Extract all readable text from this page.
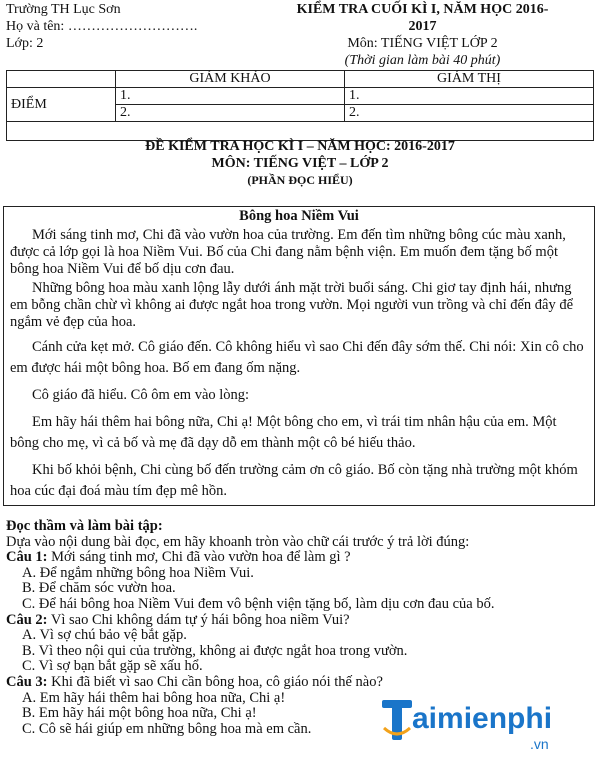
Trường TH Lục Sơn
Họ và tên: ……………………….
Lớp: 2
KIỂM TRA CUỐI KÌ I, NĂM HỌC 2016-
2017
Môn: TIẾNG VIỆT LỚP 2
(Thời gian làm bài 40 phút)
	GIÁM KHẢO	GIÁM THỊ
ĐIỂM	1.	1.
	2.	2.

ĐỀ KIỂM TRA HỌC KÌ I – NĂM HỌC: 2016-2017
MÔN: TIẾNG VIỆT – LỚP 2
(PHẦN ĐỌC HIỂU)
Bông hoa Niềm Vui
Mới sáng tinh mơ, Chi đã vào vườn hoa của trường. Em đến tìm những bông cúc màu xanh, được cả lớp gọi là hoa Niềm Vui. Bố của Chi đang nằm bệnh viện. Em muốn đem tặng bố một bông hoa Niềm Vui để bố dịu cơn đau.
Những bông hoa màu xanh lộng lẫy dưới ánh mặt trời buổi sáng. Chi giơ tay định hái, nhưng em bỗng chần chừ vì không ai được ngắt hoa trong vườn. Mọi người vun trồng và chỉ đến đây để ngắm vẻ đẹp của hoa.
Cánh cửa kẹt mở. Cô giáo đến. Cô không hiểu vì sao Chi đến đây sớm thế. Chi nói: Xin cô cho em được hái một bông hoa. Bố em đang ốm nặng.
Cô giáo đã hiểu. Cô ôm em vào lòng:
Em hãy hái thêm hai bông nữa, Chi ạ! Một bông cho em, vì trái tim nhân hậu của em. Một bông cho mẹ, vì cả bố và mẹ đã dạy dỗ em thành một cô bé hiếu thảo.
Khi bố khỏi bệnh, Chi cùng bố đến trường cảm ơn cô giáo. Bố còn tặng nhà trường một khóm hoa cúc đại đoá màu tím đẹp mê hồn.
Đọc thầm và làm bài tập:
Dựa vào nội dung bài đọc, em hãy khoanh tròn vào chữ cái trước ý trả lời đúng:
Câu 1: Mới sáng tinh mơ, Chi đã vào vườn hoa để làm gì ?
A. Để ngắm những bông hoa Niềm Vui.
B. Để chăm sóc vườn hoa.
C. Để hái bông hoa Niềm Vui đem vô bệnh viện tặng bố, làm dịu cơn đau của bố.
Câu 2: Vì sao Chi không dám tự ý hái bông hoa niềm Vui?
A. Vì sợ chú bảo vệ bắt gặp.
B. Vì theo nội qui của trường, không ai được ngắt hoa trong vườn.
C. Vì sợ bạn bắt gặp sẽ xấu hổ.
Câu 3: Khi đã biết vì sao Chi cần bông hoa, cô giáo nói thế nào?
A. Em hãy hái thêm hai bông hoa nữa, Chi ạ!
B. Em hãy hái một bông hoa nữa, Chi ạ!
C. Cô sẽ hái giúp em những bông hoa mà em cần.	aimienphi
.vn
